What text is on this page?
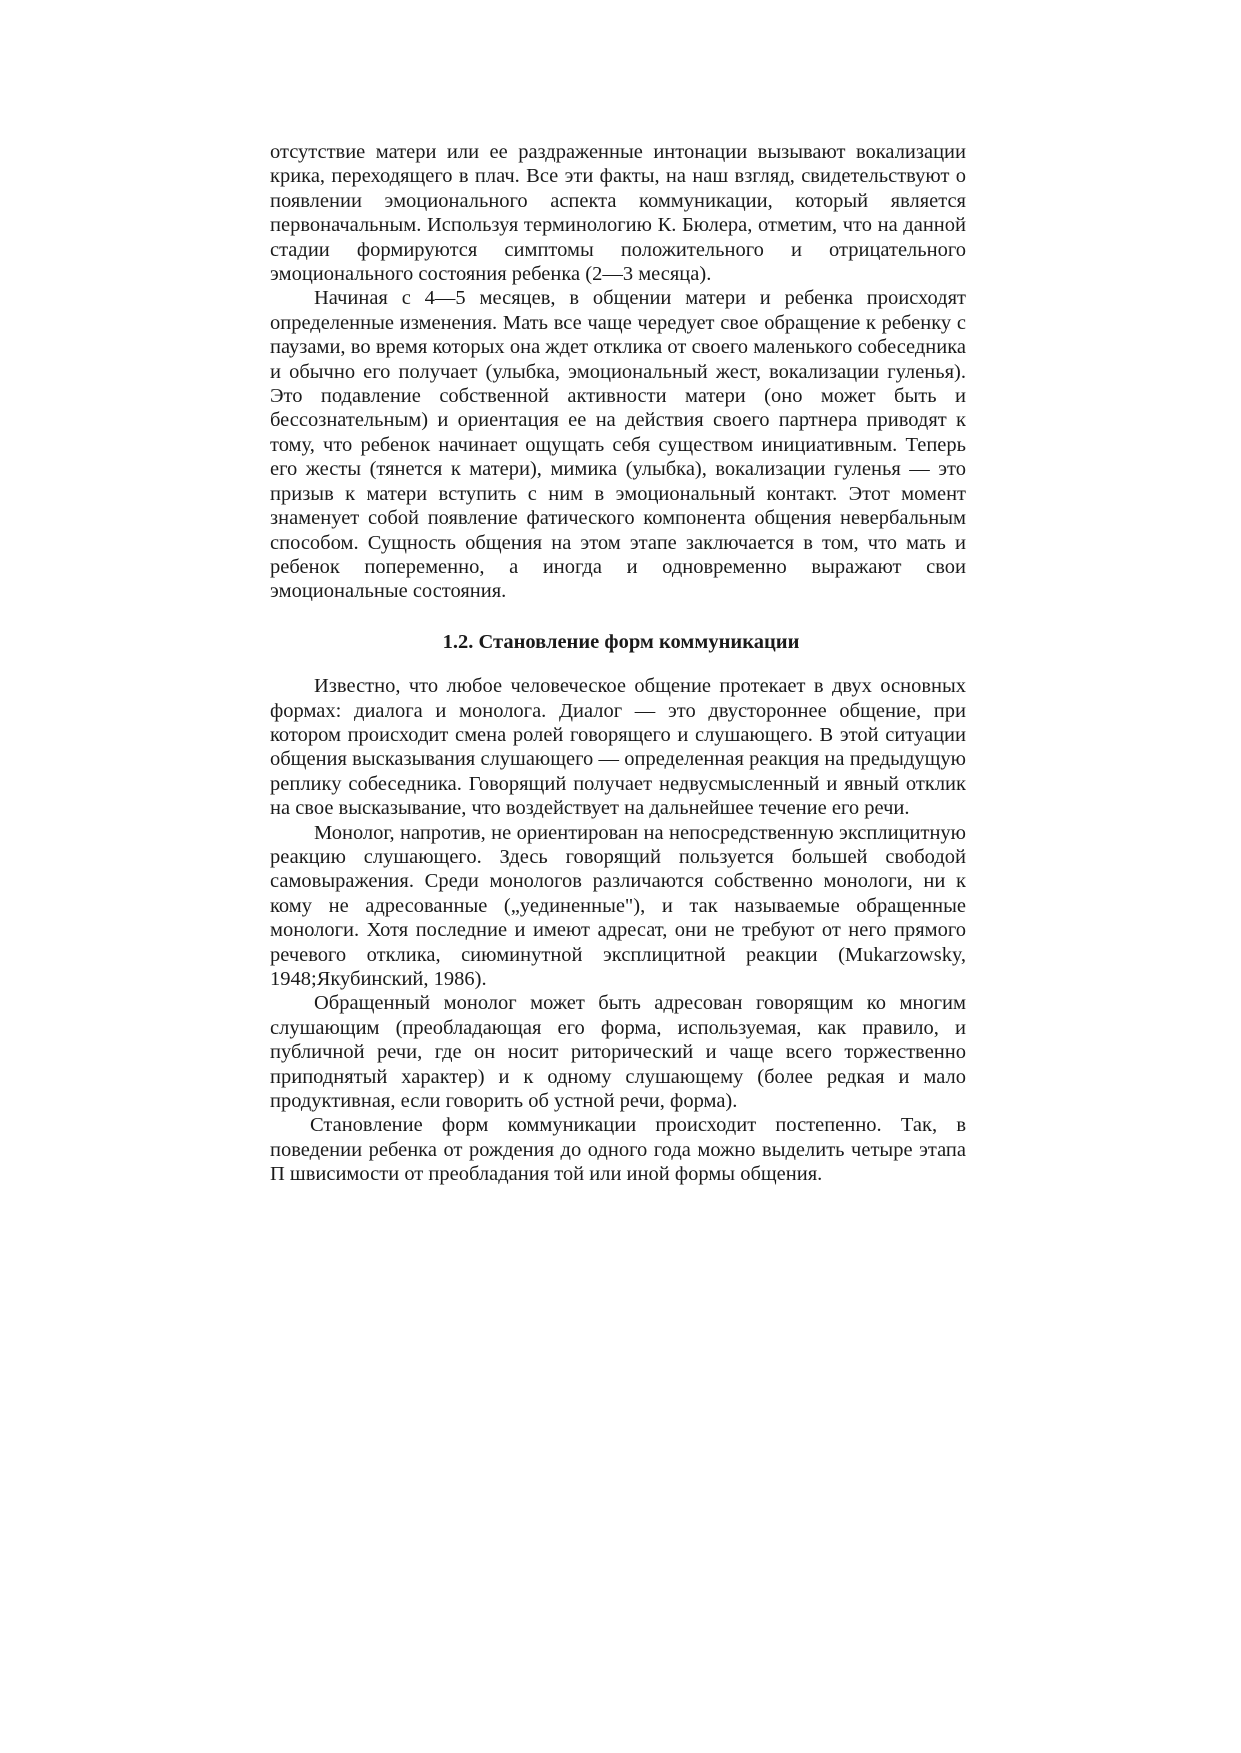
отсутствие матери или ее раздраженные интонации вызывают вокализации крика, переходящего в плач. Все эти факты, на наш взгляд, свидетельствуют о появлении эмоционального аспекта коммуникации, который является первоначальным. Используя терминологию К. Бюлера, отметим, что на данной стадии формируются симптомы положительного и отрицательного эмоционального состояния ребенка (2—3 месяца).

Начиная с 4—5 месяцев, в общении матери и ребенка происходят определенные изменения. Мать все чаще чередует свое обращение к ребенку с паузами, во время которых она ждет отклика от своего маленького собеседника и обычно его получает (улыбка, эмоциональный жест, вокализации гуленья). Это подавление собственной активности матери (оно может быть и бессознательным) и ориентация ее на действия своего партнера приводят к тому, что ребенок начинает ощущать себя существом инициативным. Теперь его жесты (тянется к матери), мимика (улыбка), вокализации гуленья — это призыв к матери вступить с ним в эмоциональный контакт. Этот момент знаменует собой появление фатического компонента общения невербальным способом. Сущность общения на этом этапе заключается в том, что мать и ребенок попеременно, а иногда и одновременно выражают свои эмоциональные состояния.

1.2. Становление форм коммуникации

Известно, что любое человеческое общение протекает в двух основных формах: диалога и монолога. Диалог — это двустороннее общение, при котором происходит смена ролей говорящего и слушающего. В этой ситуации общения высказывания слушающего — определенная реакция на предыдущую реплику собеседника. Говорящий получает недвусмысленный и явный отклик на свое высказывание, что воздействует на дальнейшее течение его речи.

Монолог, напротив, не ориентирован на непосредственную эксплицитную реакцию слушающего. Здесь говорящий пользуется большей свободой самовыражения. Среди монологов различаются собственно монологи, ни к кому не адресованные („уединенные"), и так называемые обращенные монологи. Хотя последние и имеют адресат, они не требуют от него прямого речевого отклика, сиюминутной эксплицитной реакции (Mukarzowsky, 1948;Якубинский, 1986).

Обращенный монолог может быть адресован говорящим ко многим слушающим (преобладающая его форма, используемая, как правило, и публичной речи, где он носит риторический и чаще всего торжественно приподнятый характер) и к одному слушающему (более редкая и мало продуктивная, если говорить об устной речи, форма).

Становление форм коммуникации происходит постепенно. Так, в поведении ребенка от рождения до одного года можно выделить четыре этапа П швисимости от преобладания той или иной формы общения.
